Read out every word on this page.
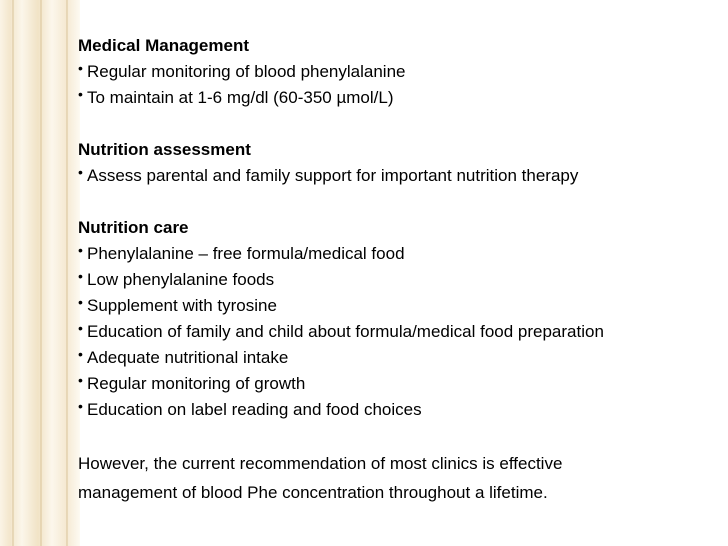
Medical Management
• Regular monitoring of blood phenylalanine
• To maintain at 1-6 mg/dl (60-350 µmol/L)
Nutrition assessment
• Assess parental and family support for important nutrition therapy
Nutrition care
• Phenylalanine – free formula/medical food
• Low phenylalanine foods
• Supplement with tyrosine
• Education of family and child about formula/medical food preparation
• Adequate nutritional intake
• Regular monitoring of growth
• Education on label reading and food choices
However, the current recommendation of most clinics is effective
management of blood Phe concentration throughout a lifetime.
